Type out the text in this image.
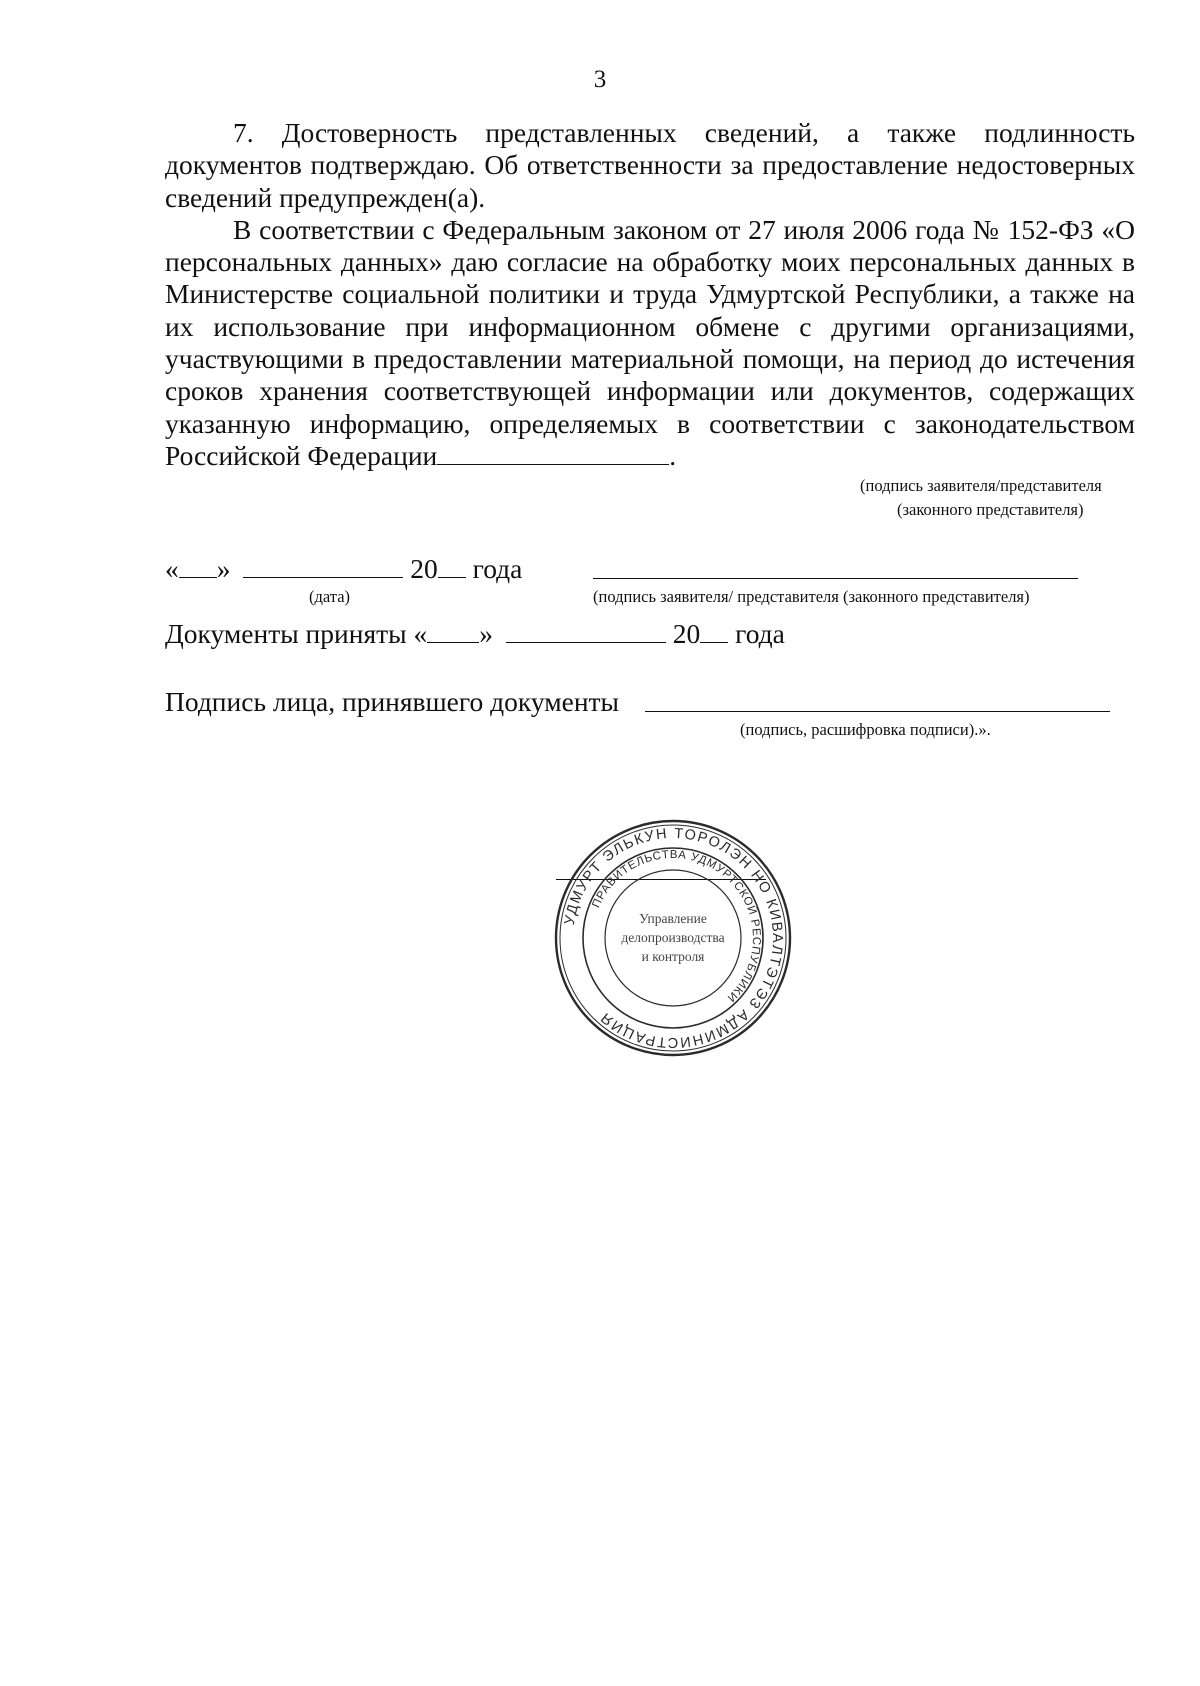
3

7. Достоверность представленных сведений, а также подлинность документов подтверждаю. Об ответственности за предоставление недостоверных сведений предупрежден(а).

В соответствии с Федеральным законом от 27 июля 2006 года № 152-ФЗ «О персональных данных» даю согласие на обработку моих персональных данных в Министерстве социальной политики и труда Удмуртской Республики, а также на их использование при информационном обмене с другими организациями, участвующими в предоставлении материальной помощи, на период до истечения сроков хранения соответствующей информации или документов, содержащих указанную информацию, определяемых в соответствии с законодательством Российской Федерации	.

(подпись заявителя/представителя
(законного представителя)
« »	20 года
(дата)	(подпись заявителя/ представителя (законного представителя)
Документы приняты « »	20 года
Подпись лица, принявшего документы
(подпись, расшифровка подписи).».
УДМУРТ ЭЛЬКУН ТОРОЛЭН НО КИВАЛТЭТЭЗ АДМИНИСТРАЦИЯ
ПРАВИТЕЛЬСТВА УДМУРТСКОЙ РЕСПУБЛИКИ
Управление
делопроизводства
и контроля
